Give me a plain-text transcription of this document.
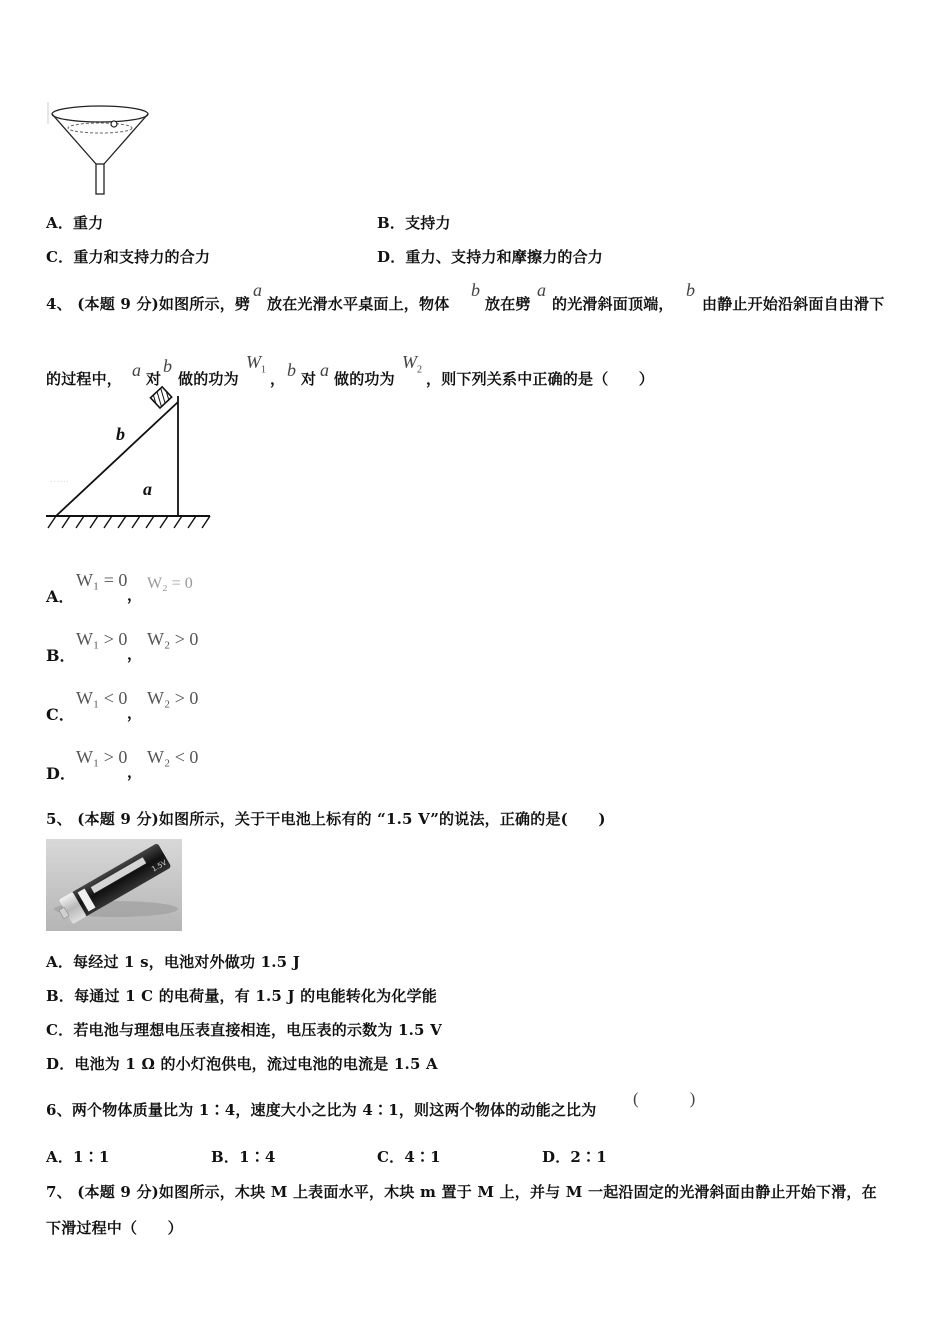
A．重力	B．支持力
C．重力和支持力的合力	D．重力、支持力和摩擦力的合力
4、 (本题 9 分)如图所示，劈
a
放在光滑水平桌面上，物体
b
放在劈
a
的光滑斜面顶端，
b
由静止开始沿斜面自由滑下
的过程中， a 对
b
做的功为
$W_1$ ， b 对 a 做的功为
$W_2$ ，则下列关系中正确的是（　　）
......
b
a
A．
W₁ = 0
，
W₂ = 0
B．
W₁ > 0
，
W₂ > 0
C．
W₁ < 0
，
W₂ > 0
D．
W₁ > 0
，
W₂ < 0
5、 (本题 9 分)如图所示，关于干电池上标有的 “1.5 V”的说法，正确的是(　　)
1.5V
A．每经过 1 s，电池对外做功 1.5 J
B．每通过 1 C 的电荷量，有 1.5 J 的电能转化为化学能
C．若电池与理想电压表直接相连，电压表的示数为 1.5 V
D．电池为 1 Ω 的小灯泡供电，流过电池的电流是 1.5 A
6、两个物体质量比为 1∶4，速度大小之比为 4∶1，则这两个物体的动能之比为
(　　　)
A．1∶1	B．1∶4	C．4∶1	D．2∶1
7、 (本题 9 分)如图所示，木块 M 上表面水平，木块 m 置于 M 上，并与 M 一起沿固定的光滑斜面由静止开始下滑，在
下滑过程中（　　）
